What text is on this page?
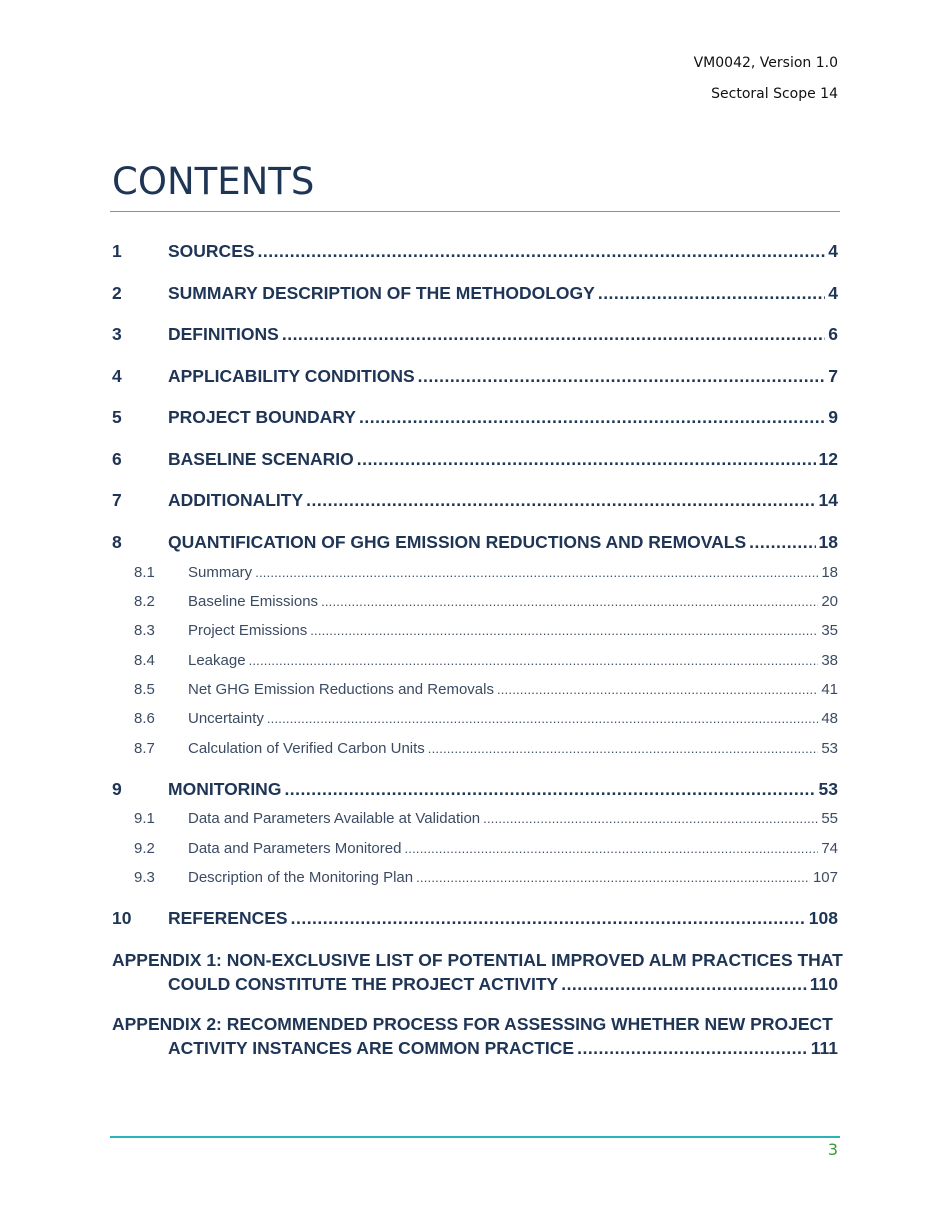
VM0042, Version 1.0
Sectoral Scope 14
CONTENTS
1	SOURCES .....	4
2	SUMMARY DESCRIPTION OF THE METHODOLOGY .....	4
3	DEFINITIONS .....	6
4	APPLICABILITY CONDITIONS .....	7
5	PROJECT BOUNDARY .....	9
6	BASELINE SCENARIO .....	12
7	ADDITIONALITY .....	14
8	QUANTIFICATION OF GHG EMISSION REDUCTIONS AND REMOVALS .....	18
8.1	Summary .....	18
8.2	Baseline Emissions .....	20
8.3	Project Emissions .....	35
8.4	Leakage .....	38
8.5	Net GHG Emission Reductions and Removals .....	41
8.6	Uncertainty .....	48
8.7	Calculation of Verified Carbon Units .....	53
9	MONITORING .....	53
9.1	Data and Parameters Available at Validation .....	55
9.2	Data and Parameters Monitored .....	74
9.3	Description of the Monitoring Plan .....	107
10	REFERENCES .....	108
APPENDIX 1: NON-EXCLUSIVE LIST OF POTENTIAL IMPROVED ALM PRACTICES THAT
COULD CONSTITUTE THE PROJECT ACTIVITY .....	110
APPENDIX 2: RECOMMENDED PROCESS FOR ASSESSING WHETHER NEW PROJECT
ACTIVITY INSTANCES ARE COMMON PRACTICE .....	111
3
